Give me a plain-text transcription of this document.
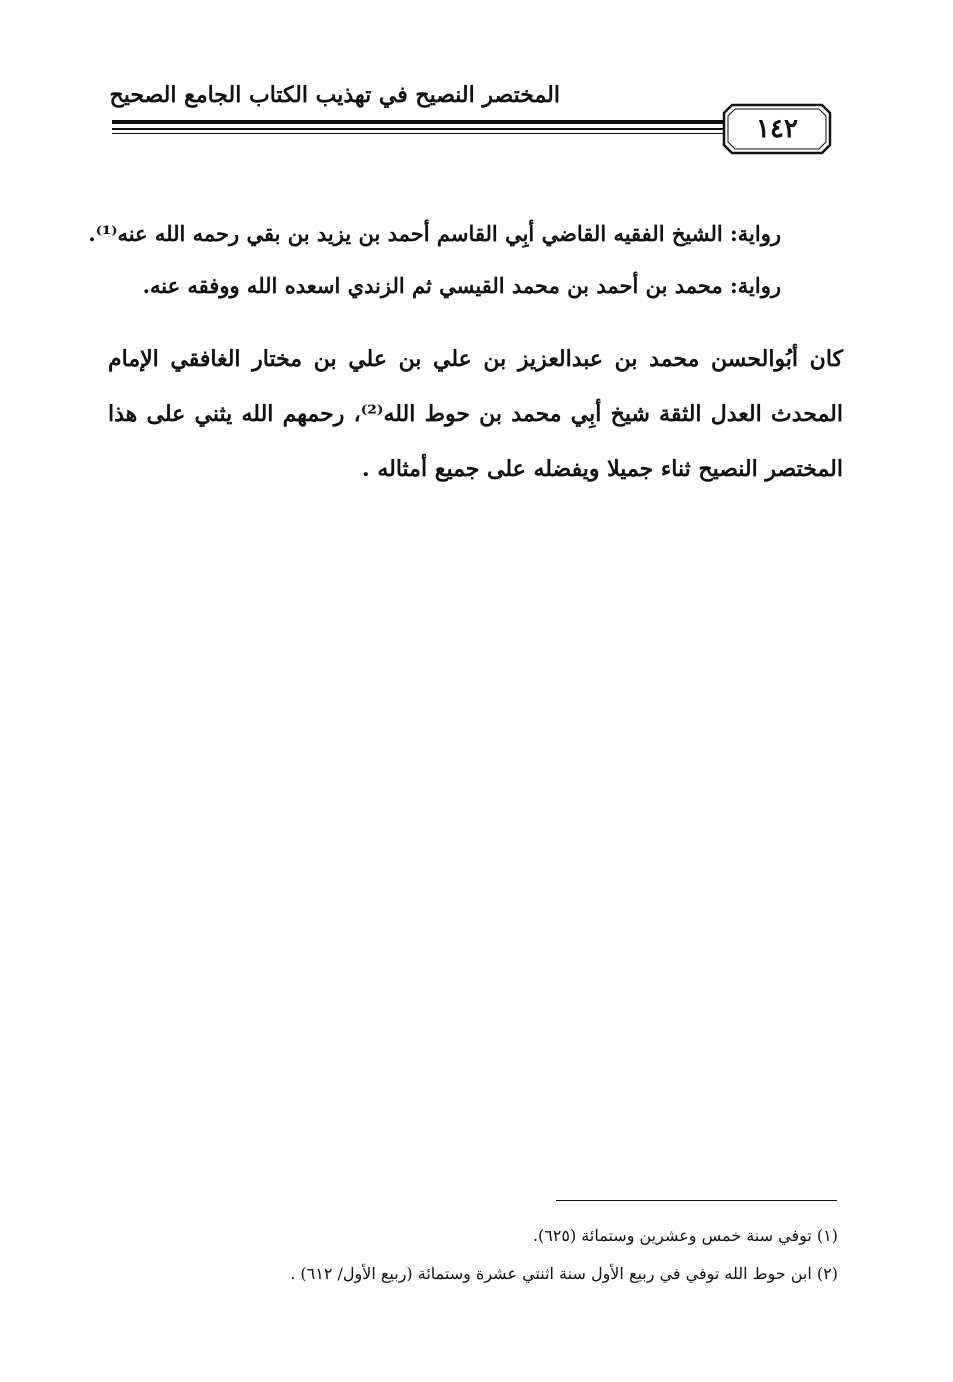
المختصر النصيح في تهذيب الكتاب الجامع الصحيح
١٤٢
رواية: الشيخ الفقيه القاضي أبِي القاسم أحمد بن يزيد بن بقي رحمه الله عنه⁽¹⁾.
رواية: محمد بن أحمد بن محمد القيسي ثم الزندي اسعده الله ووفقه عنه.
كان أبُوالحسن محمد بن عبدالعزيز بن علي بن علي بن مختار الغافقي الإمام
المحدث العدل الثقة شيخ أبِي محمد بن حوط الله⁽²⁾، رحمهم الله يثني على هذا
المختصر النصيح ثناء جميلا ويفضله على جميع أمثاله .
(١) توفي سنة خمس وعشرين وستمائة (٦٢٥).
(٢) ابن حوط الله توفي في ربيع الأول سنة اثنتي عشرة وستمائة (ربيع الأول/ ٦١٢) .
